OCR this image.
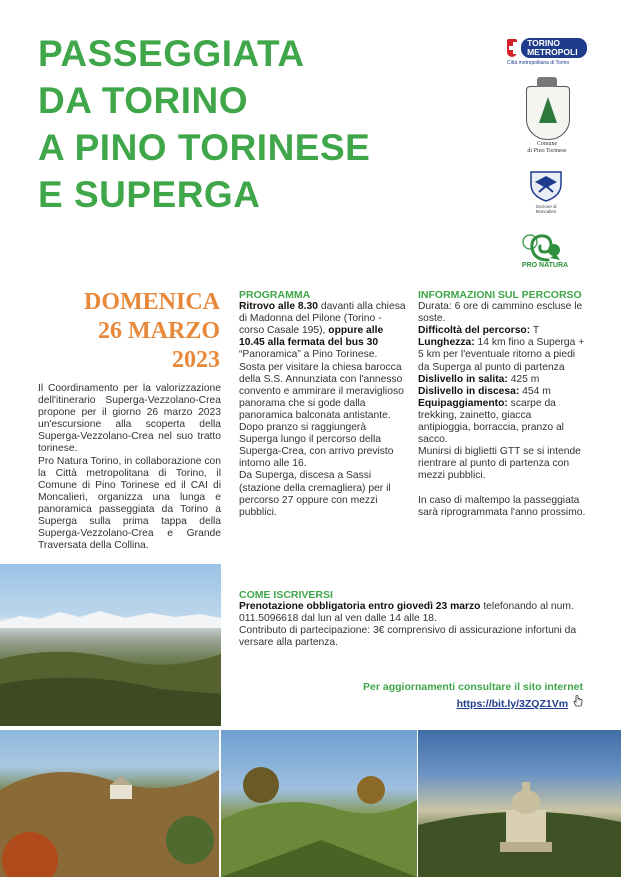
PASSEGGIATA
DA TORINO
A PINO TORINESE
E SUPERGA
TORINO METROPOLI
Città metropolitana di Torino
Comune
di Pino Torinese
Sezione di
Moncalieri
PRO NATURA
DOMENICA
26 MARZO
2023

Il Coordinamento per la valorizzazione dell'itinerario Superga-Vezzolano-Crea propone per il giorno 26 marzo 2023 un'escursione alla scoperta della Superga-Vezzolano-Crea nel suo tratto torinese.

Pro Natura Torino, in collaborazione con la Città metropolitana di Torino, il Comune di Pino Torinese ed il CAI di Moncalieri, organizza una lunga e panoramica passeggiata da Torino a Superga sulla prima tappa della Superga-Vezzolano-Crea e Grande Traversata della Collina.

PROGRAMMA

Ritrovo alle 8.30 davanti alla chiesa di Madonna del Pilone (Torino - corso Casale 195), oppure alle 10.45 alla fermata del bus 30 “Panoramica” a Pino Torinese.

Sosta per visitare la chiesa barocca della S.S. Annunziata con l'annesso convento e ammirare il meraviglioso panorama che si gode dalla panoramica balconata antistante.

Dopo pranzo si raggiungerà Superga lungo il percorso della Superga-Crea, con arrivo previsto intorno alle 16.

Da Superga, discesa a Sassi (stazione della cremagliera) per il percorso 27 oppure con mezzi pubblici.

INFORMAZIONI SUL PERCORSO

Durata: 6 ore di cammino escluse le soste.

Difficoltà del percorso: T

Lunghezza: 14 km fino a Superga + 5 km per l'eventuale ritorno a piedi da Superga al punto di partenza

Dislivello in salita: 425 m

Dislivello in discesa: 454 m

Equipaggiamento: scarpe da trekking, zainetto, giacca antipioggia, borraccia, pranzo al sacco.

Munirsi di biglietti GTT se si intende rientrare al punto di partenza con mezzi pubblici.

In caso di maltempo la passeggiata sarà riprogrammata l'anno prossimo.

COME ISCRIVERSI

Prenotazione obbligatoria entro giovedì 23 marzo telefonando al num. 011.5096618 dal lun al ven dalle 14 alle 18.

Contributo di partecipazione: 3€ comprensivo di assicurazione infortuni da versare alla partenza.

Per aggiornamenti consultare il sito internet
https://bit.ly/3ZQZ1Vm
